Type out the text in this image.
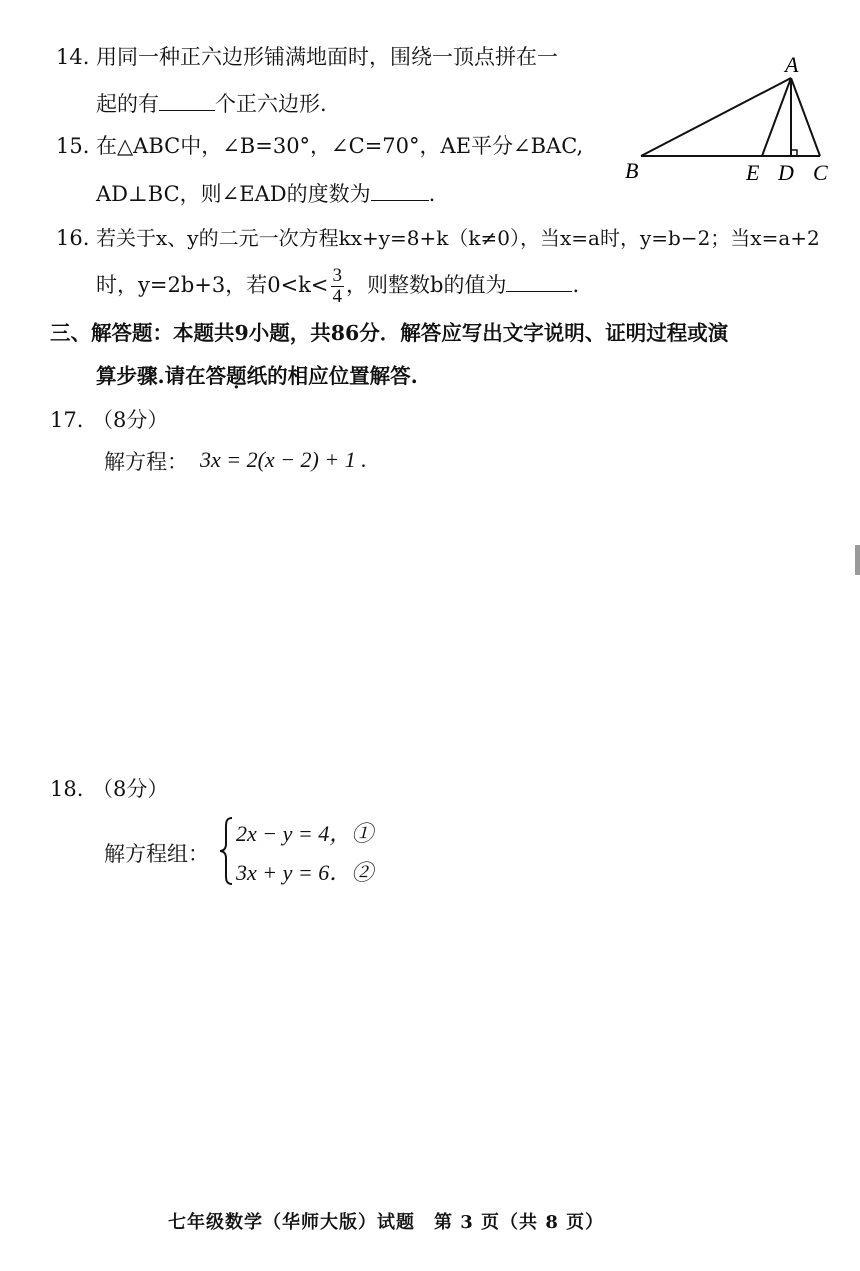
14. 用同一种正六边形铺满地面时，围绕一顶点拼在一
起的有	个正六边形.
A
B	E D C
15. 在△ABC中，∠B=30°，∠C=70°，AE平分∠BAC,
AD⊥BC，则∠EAD的度数为	.
16. 若关于x、y的二元一次方程kx+y=8+k（k≠0），当x=a时，y=b−2；当x=a+2
时，y=2b+3，若$0<k< \frac{3}{4}$ ，则整数b的值为	.
三、解答题：本题共9小题，共86分．解答应写出文字说明、证明过程或演
算步骤.请在答题纸的相应位置解答.
17. （8分）
解方程： 3x = 2(x − 2) + 1 .
18. （8分）
解方程组：
2x − y = 4，①
3x + y = 6．②
七年级数学（华师大版）试题　第 3 页（共 8 页）
